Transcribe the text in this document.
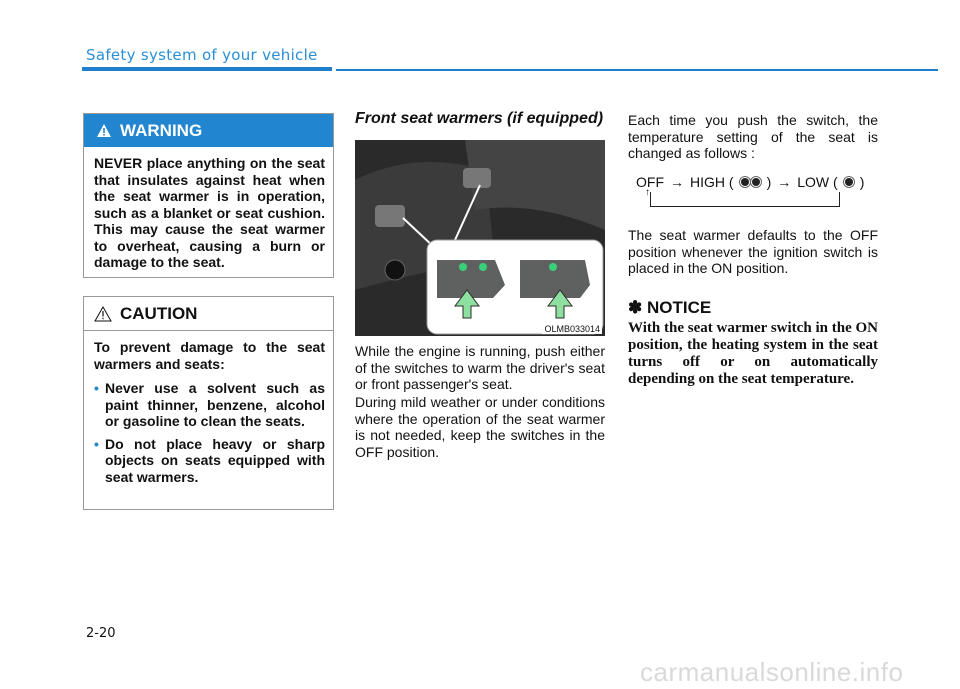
Safety system of your vehicle
WARNING
NEVER place anything on the seat that insulates against heat when the seat warmer is in operation, such as a blanket or seat cushion. This may cause the seat warmer to overheat, causing a burn or damage to the seat.
CAUTION
To prevent damage to the seat warmers and seats:
• Never use a solvent such as paint thinner, benzene, alcohol or gasoline to clean the seats.
• Do not place heavy or sharp objects on seats equipped with seat warmers.
Front seat warmers (if equipped)
OLMB033014
While the engine is running, push either of the switches to warm the driver's seat or front passenger's seat.
During mild weather or under conditions where the operation of the seat warmer is not needed, keep the switches in the OFF position.
Each time you push the switch, the temperature setting of the seat is changed as follows :
OFF → HIGH ( ) → LOW ( )
↑
The seat warmer defaults to the OFF position whenever the ignition switch is placed in the ON position.
✽ NOTICE
With the seat warmer switch in the ON position, the heating system in the seat turns off or on automatically depending on the seat temperature.
2-20
carmanualsonline.info
